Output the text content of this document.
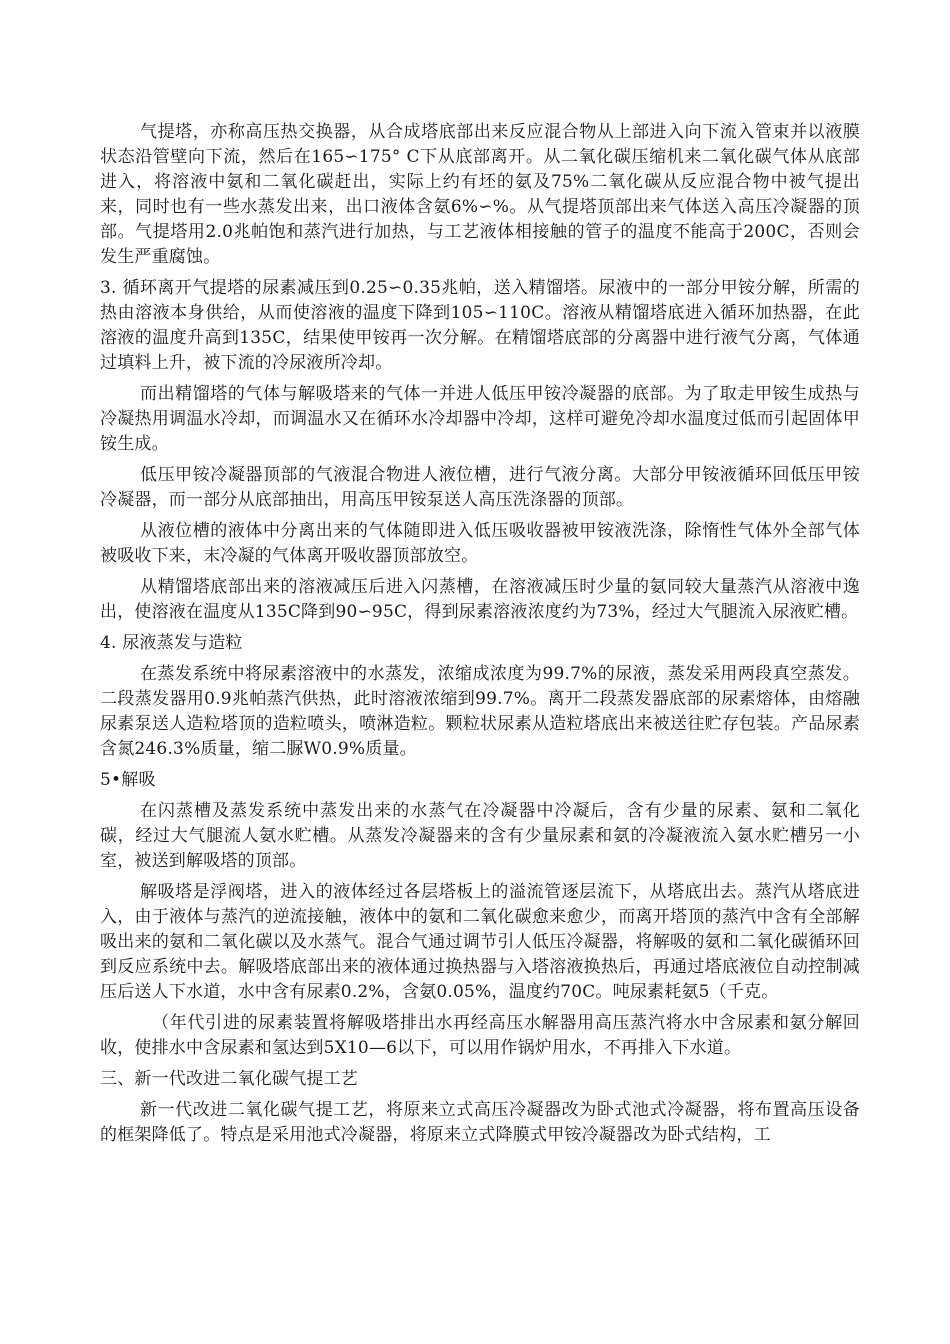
气提塔，亦称高压热交换器，从合成塔底部出来反应混合物从上部进入向下流入管束并以液膜状态沿管壁向下流，然后在165∽175° C下从底部离开。从二氧化碳压缩机来二氧化碳气体从底部进入，将溶液中氨和二氧化碳赶出，实际上约有坯的氨及75%二氧化碳从反应混合物中被气提出来，同时也有一些水蒸发出来，出口液体含氨6%∽%。从气提塔顶部出来气体送入高压冷凝器的顶部。气提塔用2.0兆帕饱和蒸汽进行加热，与工艺液体相接触的管子的温度不能高于200C，否则会发生严重腐蚀。

3. 循环离开气提塔的尿素减压到0.25∽0.35兆帕，送入精馏塔。尿液中的一部分甲铵分解，所需的热由溶液本身供给，从而使溶液的温度下降到105∽110C。溶液从精馏塔底进入循环加热器，在此溶液的温度升高到135C，结果使甲铵再一次分解。在精馏塔底部的分离器中进行液气分离，气体通过填料上升，被下流的冷尿液所冷却。

而出精馏塔的气体与解吸塔来的气体一并进人低压甲铵冷凝器的底部。为了取走甲铵生成热与冷凝热用调温水冷却，而调温水又在循环水冷却器中冷却，这样可避免冷却水温度过低而引起固体甲铵生成。

低压甲铵冷凝器顶部的气液混合物进人液位槽，进行气液分离。大部分甲铵液循环回低压甲铵冷凝器，而一部分从底部抽出，用高压甲铵泵送人高压洗涤器的顶部。

从液位槽的液体中分离出来的气体随即进入低压吸收器被甲铵液洗涤，除惰性气体外全部气体被吸收下来，末冷凝的气体离开吸收器顶部放空。

从精馏塔底部出来的溶液减压后进入闪蒸槽，在溶液减压时少量的氨同较大量蒸汽从溶液中逸出，使溶液在温度从135C降到90∽95C，得到尿素溶液浓度约为73%，经过大气腿流入尿液贮槽。

4. 尿液蒸发与造粒

在蒸发系统中将尿素溶液中的水蒸发，浓缩成浓度为99.7%的尿液，蒸发采用两段真空蒸发。二段蒸发器用0.9兆帕蒸汽供热，此时溶液浓缩到99.7%。离开二段蒸发器底部的尿素熔体，由熔融尿素泵送人造粒塔顶的造粒喷头，喷淋造粒。颗粒状尿素从造粒塔底出来被送往贮存包装。产品尿素含氮246.3%质量，缩二脲W0.9%质量。

5•解吸

在闪蒸槽及蒸发系统中蒸发出来的水蒸气在冷凝器中冷凝后，含有少量的尿素、氨和二氧化碳，经过大气腿流人氨水贮槽。从蒸发冷凝器来的含有少量尿素和氨的冷凝液流入氨水贮槽另一小室，被送到解吸塔的顶部。

解吸塔是浮阀塔，进入的液体经过各层塔板上的溢流管逐层流下，从塔底出去。蒸汽从塔底进入，由于液体与蒸汽的逆流接触，液体中的氨和二氧化碳愈来愈少，而离开塔顶的蒸汽中含有全部解吸出来的氨和二氧化碳以及水蒸气。混合气通过调节引人低压冷凝器，将解吸的氨和二氧化碳循环回到反应系统中去。解吸塔底部出来的液体通过换热器与入塔溶液换热后，再通过塔底液位自动控制减压后送人下水道，水中含有尿素0.2%，含氨0.05%，温度约70C。吨尿素耗氨5（千克。

（年代引进的尿素装置将解吸塔排出水再经高压水解器用高压蒸汽将水中含尿素和氨分解回收，使排水中含尿素和氢达到5X10—6以下，可以用作锅炉用水，不再排入下水道。

三、新一代改进二氧化碳气提工艺

新一代改进二氧化碳气提工艺，将原来立式高压冷凝器改为卧式池式冷凝器，将布置高压设备的框架降低了。特点是采用池式冷凝器，将原来立式降膜式甲铵冷凝器改为卧式结构，工
